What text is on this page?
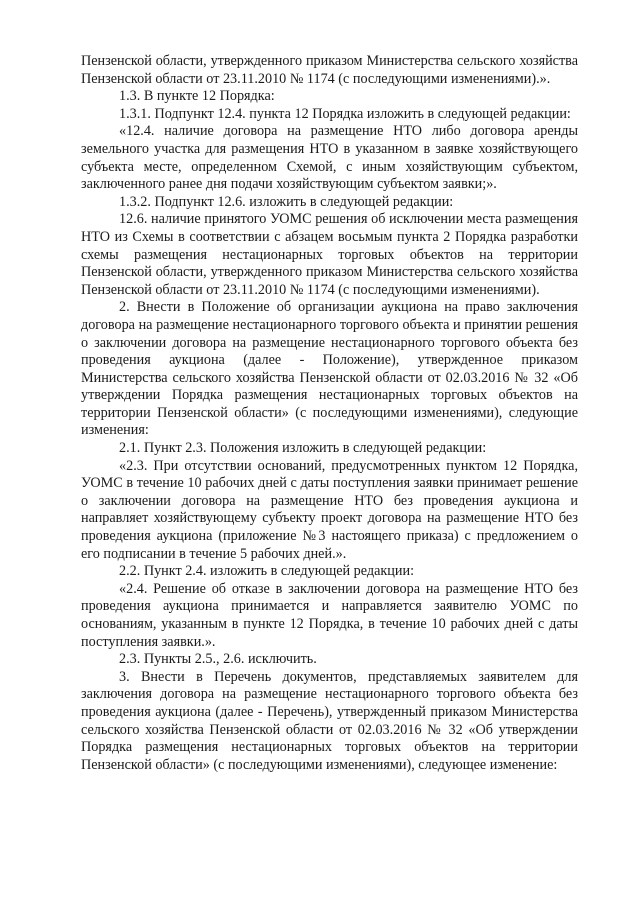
Пензенской области, утвержденного приказом Министерства сельского хозяйства Пензенской области от 23.11.2010 № 1174 (с последующими изменениями).».

1.3. В пункте 12 Порядка:

1.3.1. Подпункт 12.4. пункта 12 Порядка изложить в следующей редакции:

«12.4. наличие договора на размещение НТО либо договора аренды земельного участка для размещения НТО в указанном в заявке хозяйствующего субъекта месте, определенном Схемой, с иным хозяйствующим субъектом, заключенного ранее дня подачи хозяйствующим субъектом заявки;».

1.3.2. Подпункт 12.6. изложить в следующей редакции:

12.6. наличие принятого УОМС решения об исключении места размещения НТО из Схемы в соответствии с абзацем восьмым пункта 2 Порядка разработки схемы размещения нестационарных торговых объектов на территории Пензенской области, утвержденного приказом Министерства сельского хозяйства Пензенской области от 23.11.2010 № 1174 (с последующими изменениями).

2. Внести в Положение об организации аукциона на право заключения договора на размещение нестационарного торгового объекта и принятии решения о заключении договора на размещение нестационарного торгового объекта без проведения аукциона (далее - Положение), утвержденное приказом Министерства сельского хозяйства Пензенской области от 02.03.2016 № 32 «Об утверждении Порядка размещения нестационарных торговых объектов на территории Пензенской области» (с последующими изменениями), следующие изменения:

2.1. Пункт 2.3. Положения изложить в следующей редакции:

«2.3. При отсутствии оснований, предусмотренных пунктом 12 Порядка, УОМС в течение 10 рабочих дней с даты поступления заявки принимает решение о заключении договора на размещение НТО без проведения аукциона и направляет хозяйствующему субъекту проект договора на размещение НТО без проведения аукциона (приложение №3 настоящего приказа) с предложением о его подписании в течение 5 рабочих дней.».

2.2. Пункт 2.4. изложить в следующей редакции:

«2.4. Решение об отказе в заключении договора на размещение НТО без проведения аукциона принимается и направляется заявителю УОМС по основаниям, указанным в пункте 12 Порядка, в течение 10 рабочих дней с даты поступления заявки.».

2.3. Пункты 2.5., 2.6. исключить.

3. Внести в Перечень документов, представляемых заявителем для заключения договора на размещение нестационарного торгового объекта без проведения аукциона (далее - Перечень), утвержденный приказом Министерства сельского хозяйства Пензенской области от 02.03.2016 № 32 «Об утверждении Порядка размещения нестационарных торговых объектов на территории Пензенской области» (с последующими изменениями), следующее изменение:
